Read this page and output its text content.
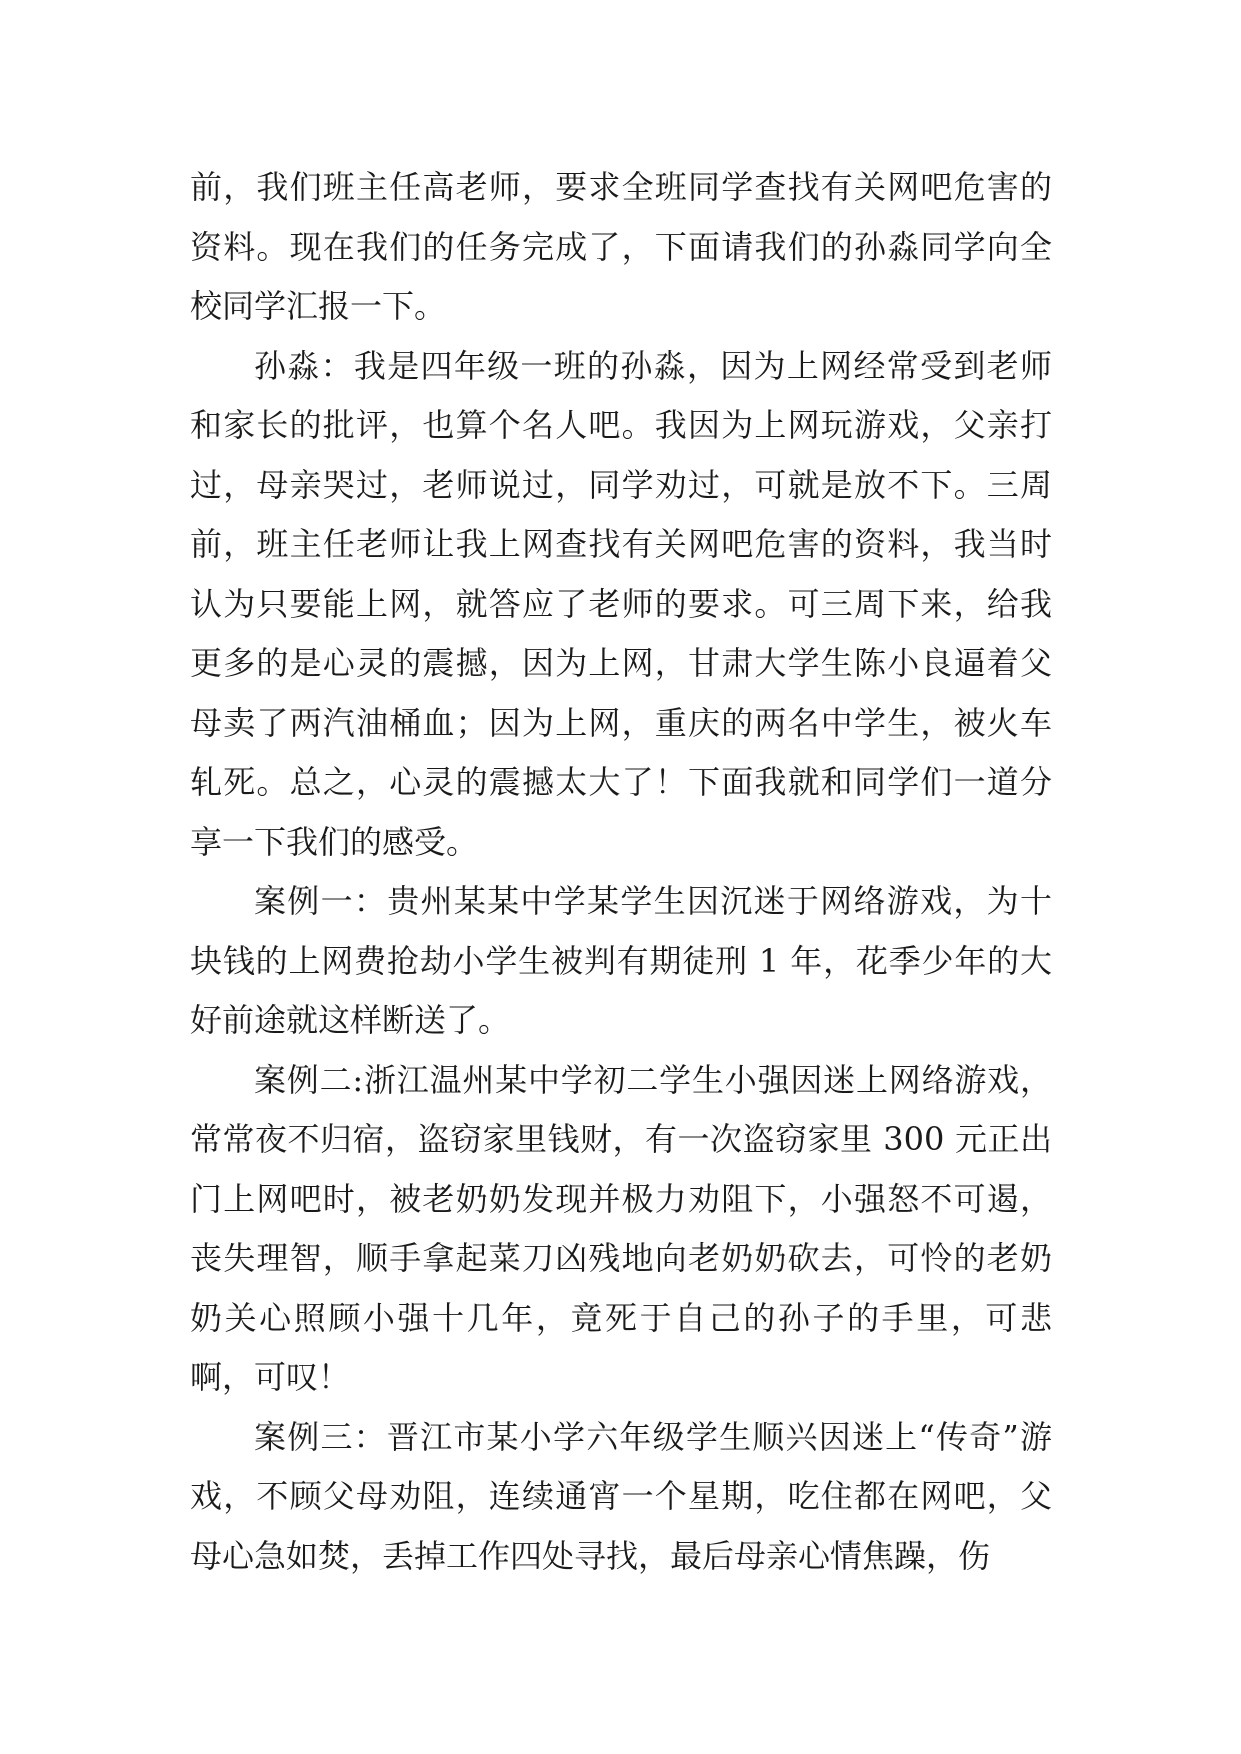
前，我们班主任高老师，要求全班同学查找有关网吧危害的资料。现在我们的任务完成了，下面请我们的孙淼同学向全校同学汇报一下。

孙淼：我是四年级一班的孙淼，因为上网经常受到老师和家长的批评，也算个名人吧。我因为上网玩游戏，父亲打过，母亲哭过，老师说过，同学劝过，可就是放不下。三周前，班主任老师让我上网查找有关网吧危害的资料，我当时认为只要能上网，就答应了老师的要求。可三周下来，给我更多的是心灵的震撼，因为上网，甘肃大学生陈小良逼着父母卖了两汽油桶血；因为上网，重庆的两名中学生，被火车轧死。总之，心灵的震撼太大了！下面我就和同学们一道分享一下我们的感受。

案例一：贵州某某中学某学生因沉迷于网络游戏，为十块钱的上网费抢劫小学生被判有期徒刑 1 年，花季少年的大好前途就这样断送了。

案例二:浙江温州某中学初二学生小强因迷上网络游戏，常常夜不归宿，盗窃家里钱财，有一次盗窃家里 300 元正出门上网吧时，被老奶奶发现并极力劝阻下，小强怒不可遏，丧失理智，顺手拿起菜刀凶残地向老奶奶砍去，可怜的老奶奶关心照顾小强十几年，竟死于自己的孙子的手里，可悲啊，可叹！

案例三：晋江市某小学六年级学生顺兴因迷上“传奇”游戏，不顾父母劝阻，连续通宵一个星期，吃住都在网吧，父母心急如焚，丢掉工作四处寻找，最后母亲心情焦躁，伤
